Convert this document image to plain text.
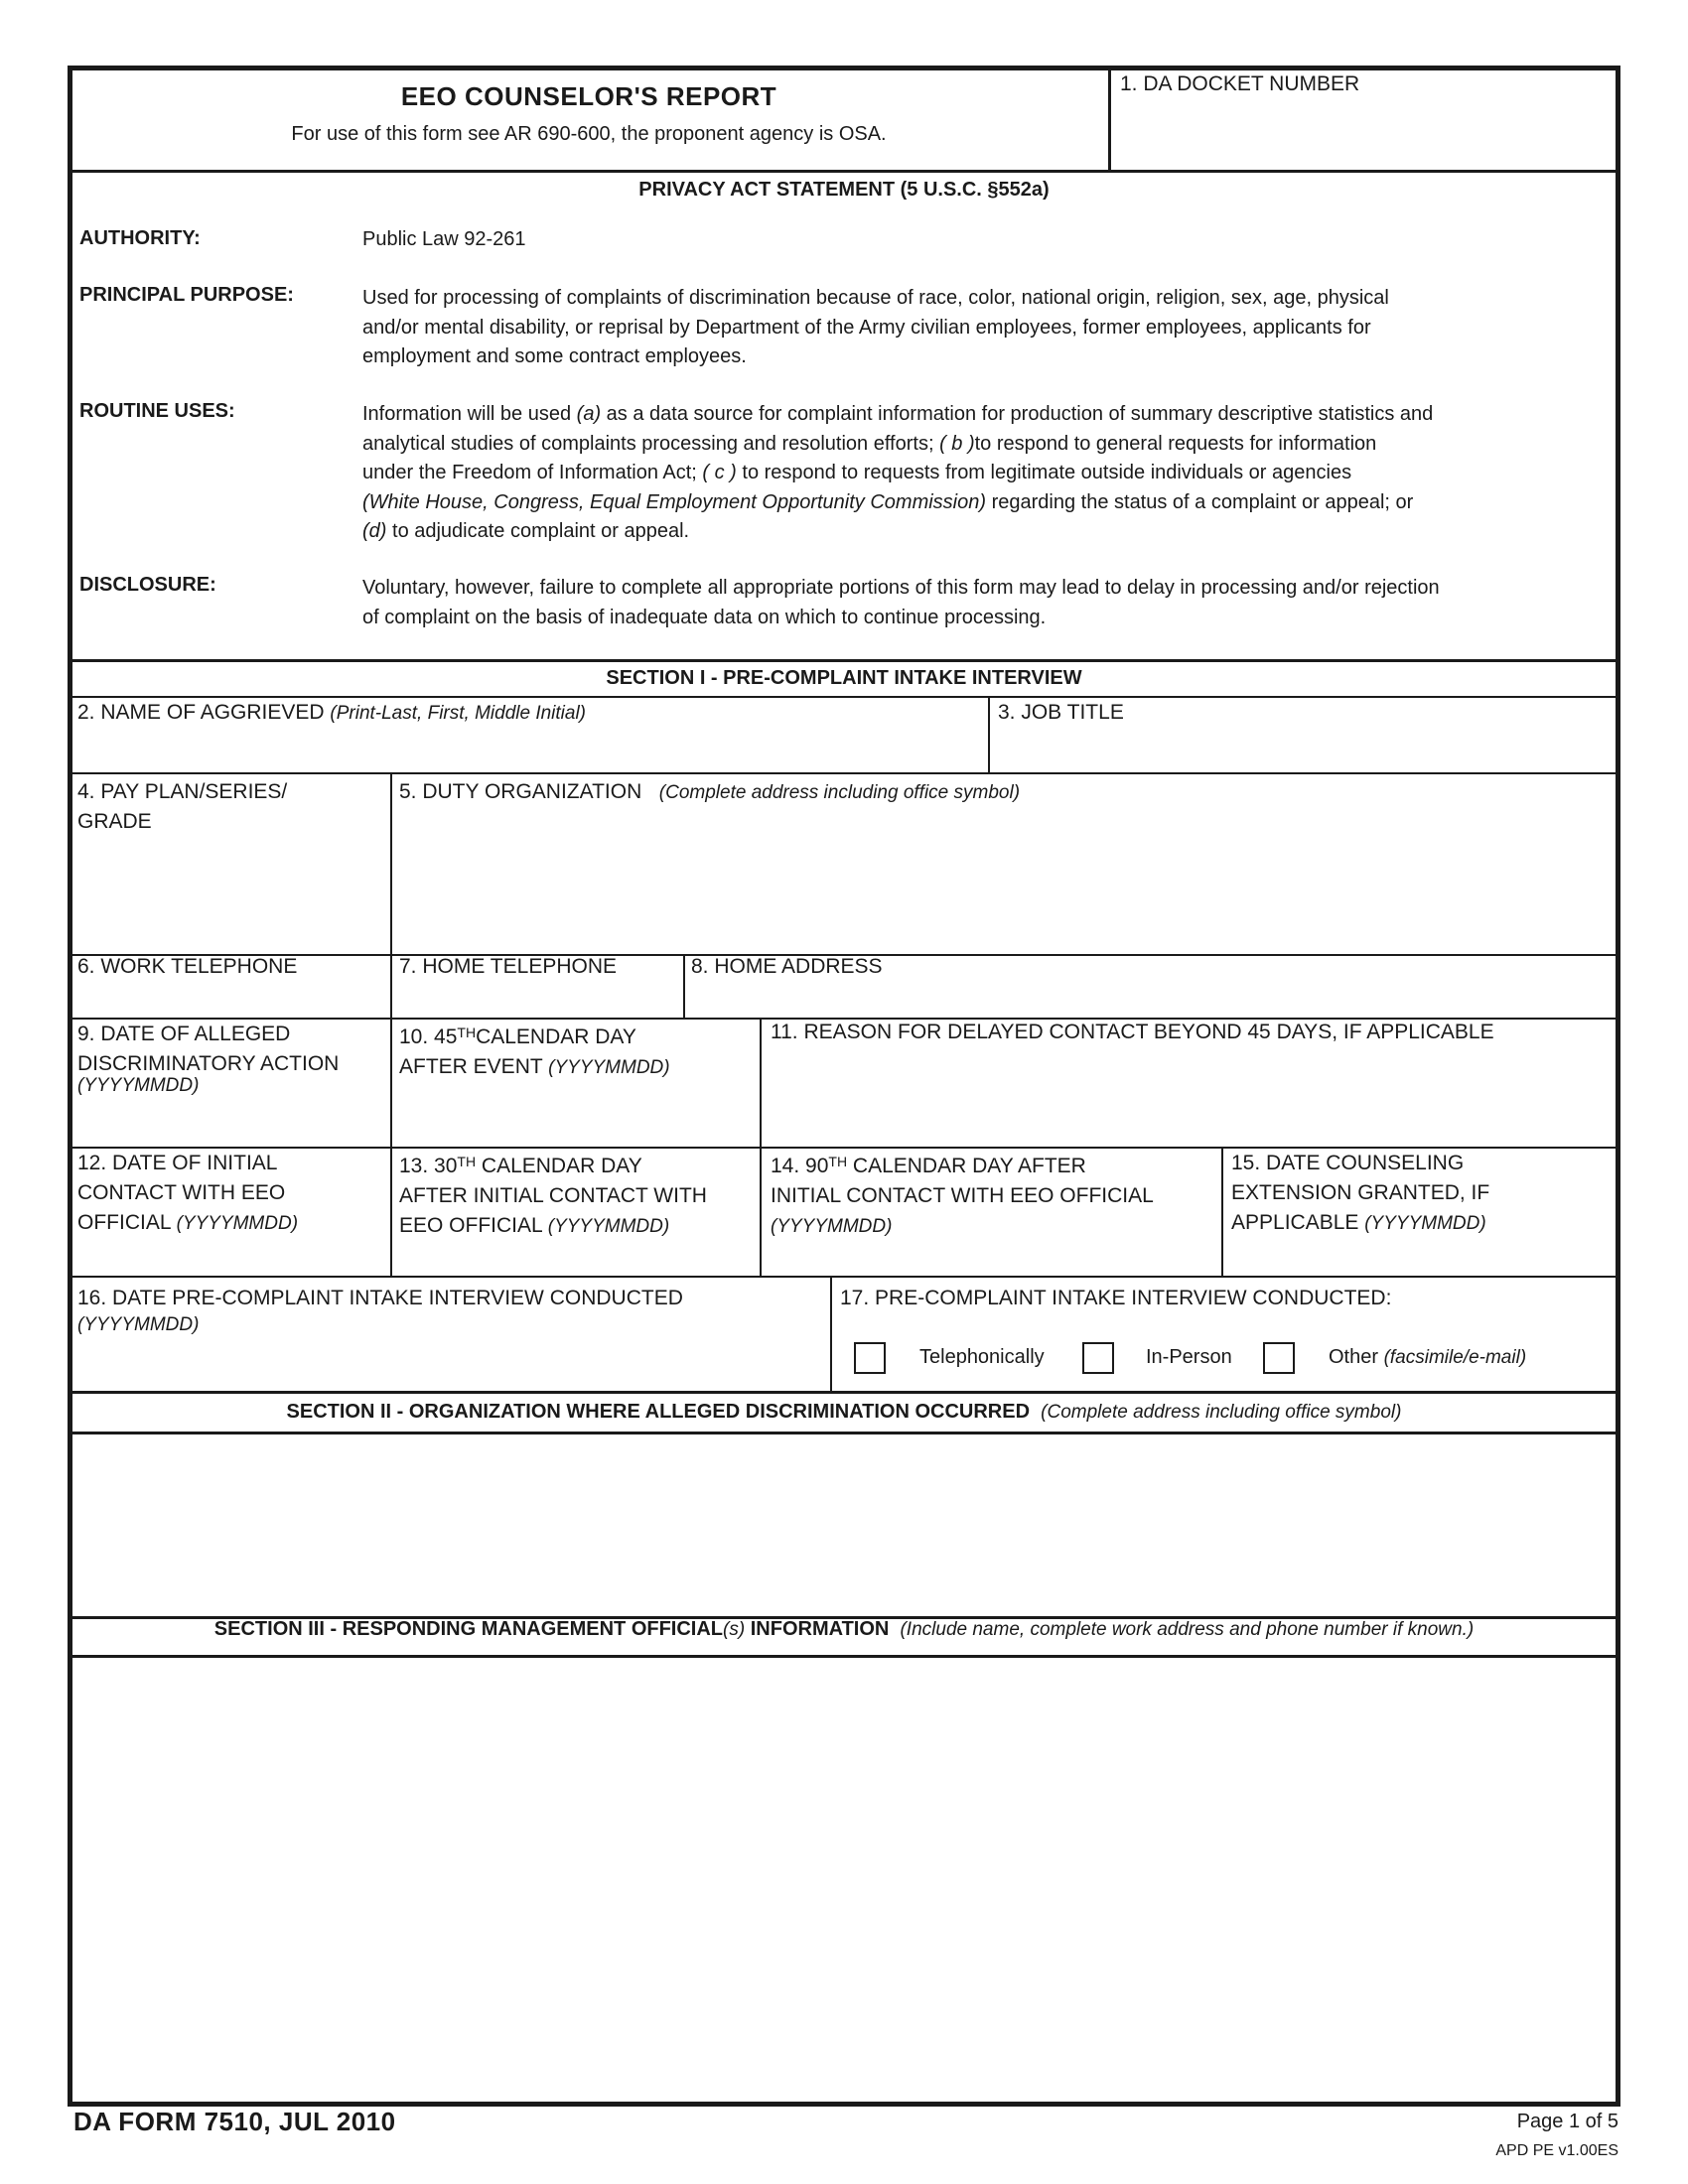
EEO COUNSELOR'S REPORT
For use of this form see AR 690-600, the proponent agency is OSA.
1. DA DOCKET NUMBER
PRIVACY ACT STATEMENT (5 U.S.C. §552a)
AUTHORITY:	Public Law 92-261
PRINCIPAL PURPOSE:	Used for processing of complaints of discrimination because of race, color, national origin, religion, sex, age, physical
and/or mental disability, or reprisal by Department of the Army civilian employees, former employees, applicants for
employment and some contract employees.
ROUTINE USES:	Information will be used (a) as a data source for complaint information for production of summary descriptive statistics and
analytical studies of complaints processing and resolution efforts; ( b )to respond to general requests for information
under the Freedom of Information Act; ( c ) to respond to requests from legitimate outside individuals or agencies
(White House, Congress, Equal Employment Opportunity Commission) regarding the status of a complaint or appeal; or
(d) to adjudicate complaint or appeal.
DISCLOSURE:	Voluntary, however, failure to complete all appropriate portions of this form may lead to delay in processing and/or rejection
of complaint on the basis of inadequate data on which to continue processing.
SECTION I - PRE-COMPLAINT INTAKE INTERVIEW
2. NAME OF AGGRIEVED (Print-Last, First, Middle Initial)	3. JOB TITLE
4. PAY PLAN/SERIES/
GRADE
5. DUTY ORGANIZATION (Complete address including office symbol)
6. WORK TELEPHONE	7. HOME TELEPHONE	8. HOME ADDRESS
9. DATE OF ALLEGED
DISCRIMINATORY ACTION
(YYYYMMDD)
10. 45THCALENDAR DAY
AFTER EVENT (YYYYMMDD)
11. REASON FOR DELAYED CONTACT BEYOND 45 DAYS, IF APPLICABLE
12. DATE OF INITIAL
CONTACT WITH EEO
OFFICIAL (YYYYMMDD)
13. 30TH CALENDAR DAY
AFTER INITIAL CONTACT WITH
EEO OFFICIAL (YYYYMMDD)
14. 90TH CALENDAR DAY AFTER
INITIAL CONTACT WITH EEO OFFICIAL
(YYYYMMDD)
15. DATE COUNSELING
EXTENSION GRANTED, IF
APPLICABLE (YYYYMMDD)
16. DATE PRE-COMPLAINT INTAKE INTERVIEW CONDUCTED
(YYYYMMDD)
17. PRE-COMPLAINT INTAKE INTERVIEW CONDUCTED:
Telephonically	In-Person	Other (facsimile/e-mail)
SECTION II - ORGANIZATION WHERE ALLEGED DISCRIMINATION OCCURRED (Complete address including office symbol)
SECTION III - RESPONDING MANAGEMENT OFFICIAL(s) INFORMATION (Include name, complete work address and phone number if known.)
DA FORM 7510, JUL 2010	Page 1 of 5
APD PE v1.00ES
